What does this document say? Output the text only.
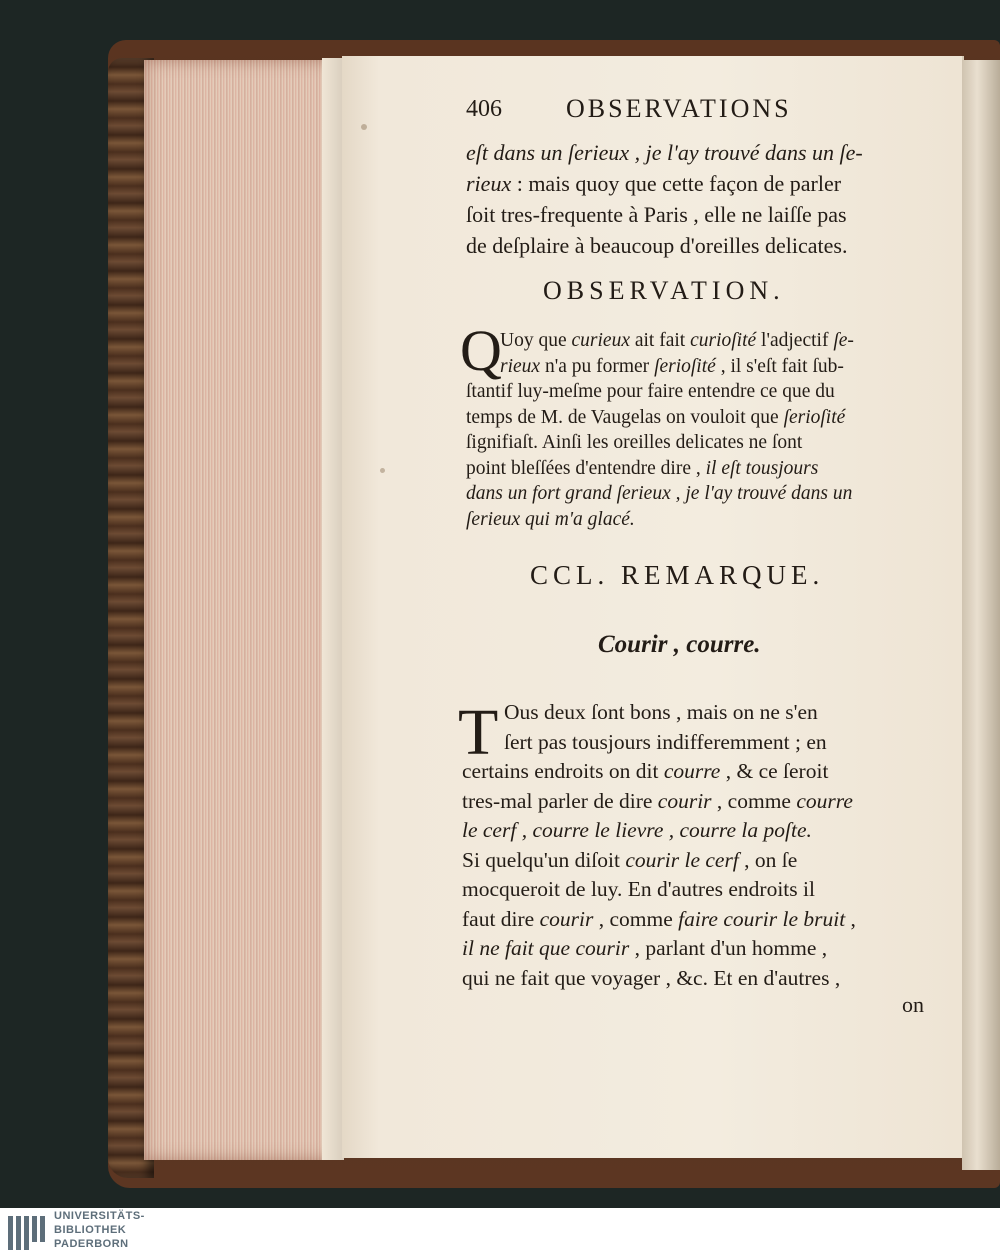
406 OBSERVATIONS
eſt dans un ſerieux , je l'ay trouvé dans un ſe-
rieux : mais quoy que cette façon de parler
ſoit tres-frequente à Paris , elle ne laiſſe pas
de deſplaire à beaucoup d'oreilles delicates.
OBSERVATION.
Q
Uoy que curieux ait fait curioſité l'adjectif ſe-
rieux n'a pu former ſerioſité , il s'eſt fait ſub-
ſtantif luy-meſme pour faire entendre ce que du
temps de M. de Vaugelas on vouloit que ſerioſité
ſignifiaſt. Ainſi les oreilles delicates ne ſont
point bleſſées d'entendre dire , il eſt tousjours
dans un fort grand ſerieux , je l'ay trouvé dans un
ſerieux qui m'a glacé.
CCL. REMARQUE.
Courir , courre.
T Ous deux ſont bons , mais on ne s'en
ſert pas tousjours indifferemment ; en
certains endroits on dit courre , & ce ſeroit
tres-mal parler de dire courir , comme courre
le cerf , courre le lievre , courre la poſte.
Si quelqu'un diſoit courir le cerf , on ſe
mocqueroit de luy. En d'autres endroits il
faut dire courir , comme faire courir le bruit ,
il ne fait que courir , parlant d'un homme ,
qui ne fait que voyager , &c. Et en d'autres ,
on
UNIVERSITÄTS-
BIBLIOTHEK
PADERBORN
